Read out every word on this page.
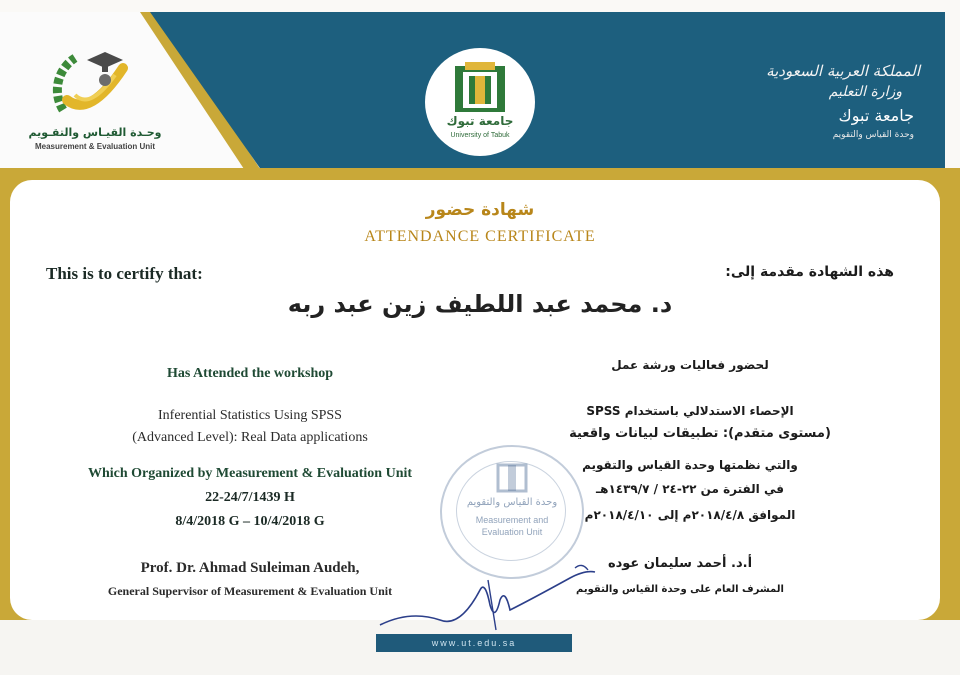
وحـدة القيـاس والتقـويم
Measurement & Evaluation Unit
جامعة تبوك
University of Tabuk
المملكة العربية السعودية
وزارة التعليم
جامعة تبوك
وحدة القياس والتقويم
شهادة حضور
ATTENDANCE CERTIFICATE
This is to certify that:	هذه الشهادة مقدمة إلى:
د. محمد عبد اللطيف زين عبد ربه
Has Attended the workshop
Inferential Statistics Using SPSS
(Advanced Level): Real Data applications
Which Organized by Measurement & Evaluation Unit
22-24/7/1439 H
8/4/2018 G – 10/4/2018 G
لحضور فعاليات ورشة عمل
الإحصاء الاستدلالي باستخدام SPSS
(مستوى متقدم): تطبيقات لبيانات واقعية
والتي نظمتها وحدة القياس والتقويم
في الفترة من ٢٢-٢٤ / ١٤٣٩/٧هـ
الموافق ٢٠١٨/٤/٨م إلى ٢٠١٨/٤/١٠م
وحدة القياس والتقويم
Measurement and
Evaluation Unit
Prof. Dr. Ahmad Suleiman Audeh,
General Supervisor of Measurement & Evaluation Unit
أ.د. أحمد سليمان عوده
المشرف العام على وحدة القياس والتقويم
www.ut.edu.sa
